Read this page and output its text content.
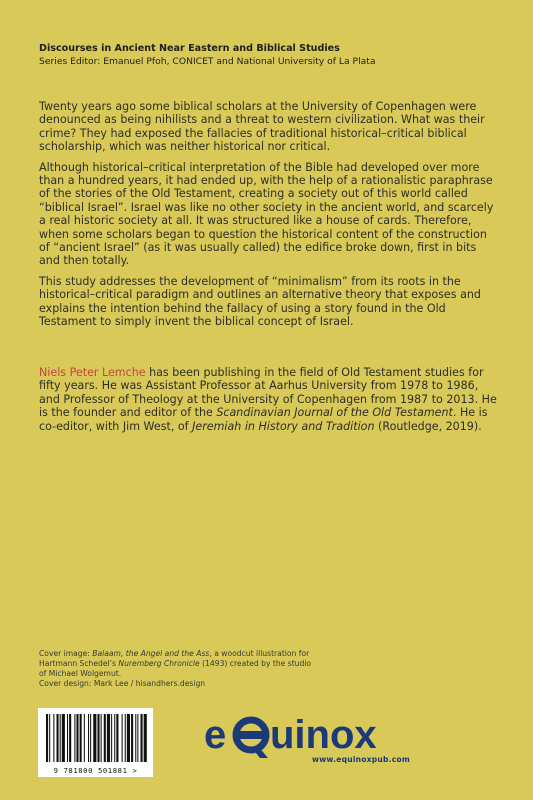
Discourses in Ancient Near Eastern and Biblical Studies
Series Editor: Emanuel Pfoh, CONICET and National University of La Plata

Twenty years ago some biblical scholars at the University of Copenhagen were denounced as being nihilists and a threat to western civilization. What was their crime? They had exposed the fallacies of traditional historical–critical biblical scholarship, which was neither historical nor critical.

Although historical–critical interpretation of the Bible had developed over more than a hundred years, it had ended up, with the help of a rationalistic paraphrase of the stories of the Old Testament, creating a society out of this world called “biblical Israel”. Israel was like no other society in the ancient world, and scarcely a real historic society at all. It was structured like a house of cards. Therefore, when some scholars began to question the historical content of the construction of “ancient Israel” (as it was usually called) the edifice broke down, first in bits and then totally.

This study addresses the development of “minimalism” from its roots in the historical–critical paradigm and outlines an alternative theory that exposes and explains the intention behind the fallacy of using a story found in the Old Testament to simply invent the biblical concept of Israel.

Niels Peter Lemche has been publishing in the field of Old Testament studies for fifty years. He was Assistant Professor at Aarhus University from 1978 to 1986, and Professor of Theology at the University of Copenhagen from 1987 to 2013. He is the founder and editor of the Scandinavian Journal of the Old Testament. He is co-editor, with Jim West, of Jeremiah in History and Tradition (Routledge, 2019).
Cover image: Balaam, the Angel and the Ass, a woodcut illustration for Hartmann Schedel’s Nuremberg Chronicle (1493) created by the studio of Michael Wolgemut.
Cover design: Mark Lee / hisandhers.design
9 781800 501881 >
e uinox
www.equinoxpub.com
